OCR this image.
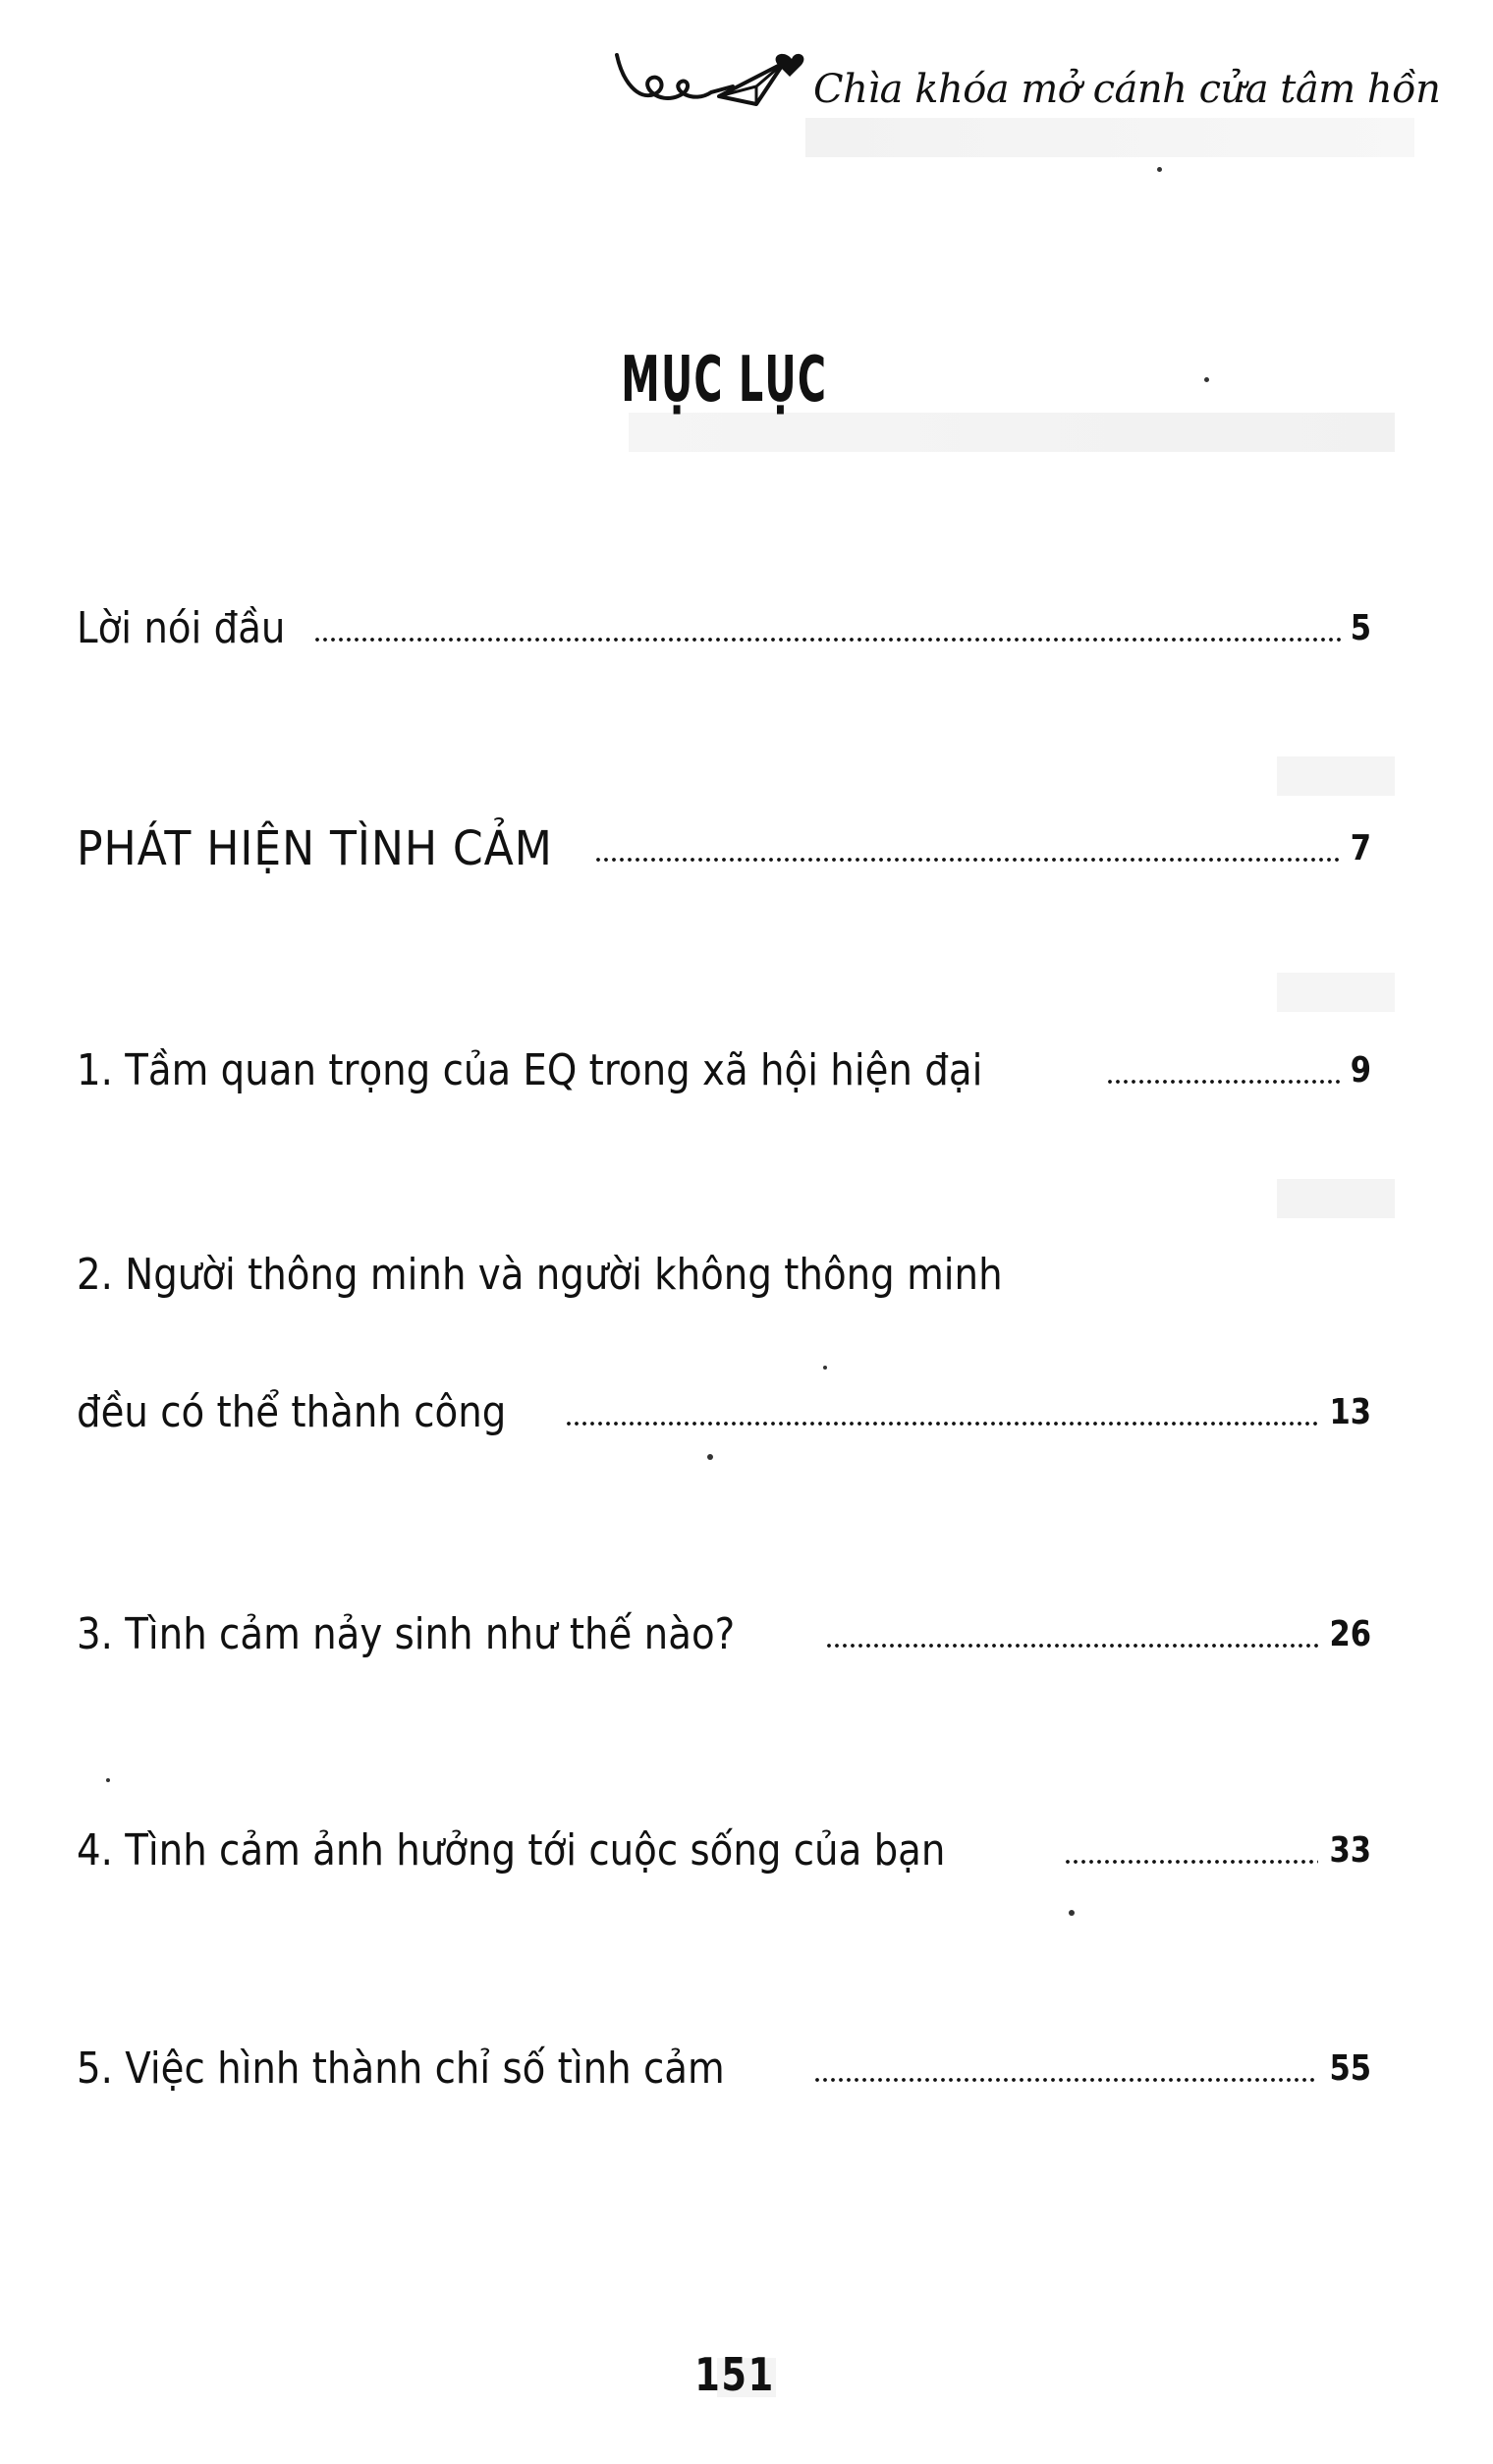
Chìa khóa mở cánh cửa tâm hồn
MỤC LỤC
Lời nói đầu	5
PHÁT HIỆN TÌNH CẢM	7
1. Tầm quan trọng của EQ trong xã hội hiện đại	9
2. Người thông minh và người không thông minh
đều có thể thành công	13
3. Tình cảm nảy sinh như thế nào?	26
4. Tình cảm ảnh hưởng tới cuộc sống của bạn	33
5. Việc hình thành chỉ số tình cảm	55
151
